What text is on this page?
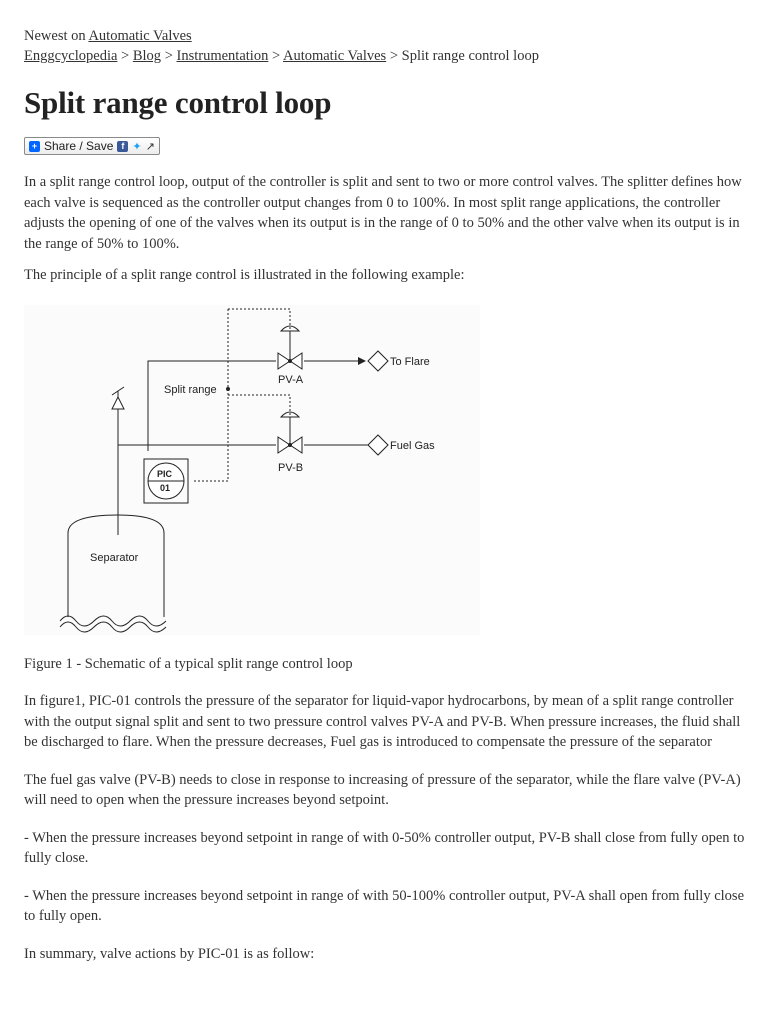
Newest on Automatic Valves
Enggcyclopedia > Blog > Instrumentation > Automatic Valves > Split range control loop
Split range control loop
+ Share / Save f ✦ ↗

In a split range control loop, output of the controller is split and sent to two or more control valves. The splitter defines how each valve is sequenced as the controller output changes from 0 to 100%. In most split range applications, the controller adjusts the opening of one of the valves when its output is in the range of 0 to 50% and the other valve when its output is in the range of 50% to 100%.

The principle of a split range control is illustrated in the following example:

To Flare
Fuel Gas
PV-A
PV-B
Split range
PIC
01
Separator

Figure 1 - Schematic of a typical split range control loop

In figure1, PIC-01 controls the pressure of the separator for liquid-vapor hydrocarbons, by mean of a split range controller with the output signal split and sent to two pressure control valves PV-A and PV-B. When pressure increases, the fluid shall be discharged to flare. When the pressure decreases, Fuel gas is introduced to compensate the pressure of the separator

The fuel gas valve (PV-B) needs to close in response to increasing of pressure of the separator, while the flare valve (PV-A) will need to open when the pressure increases beyond setpoint.

- When the pressure increases beyond setpoint in range of with 0-50% controller output, PV-B shall close from fully open to fully close.

- When the pressure increases beyond setpoint in range of with 50-100% controller output, PV-A shall open from fully close to fully open.

In summary, valve actions by PIC-01 is as follow:
